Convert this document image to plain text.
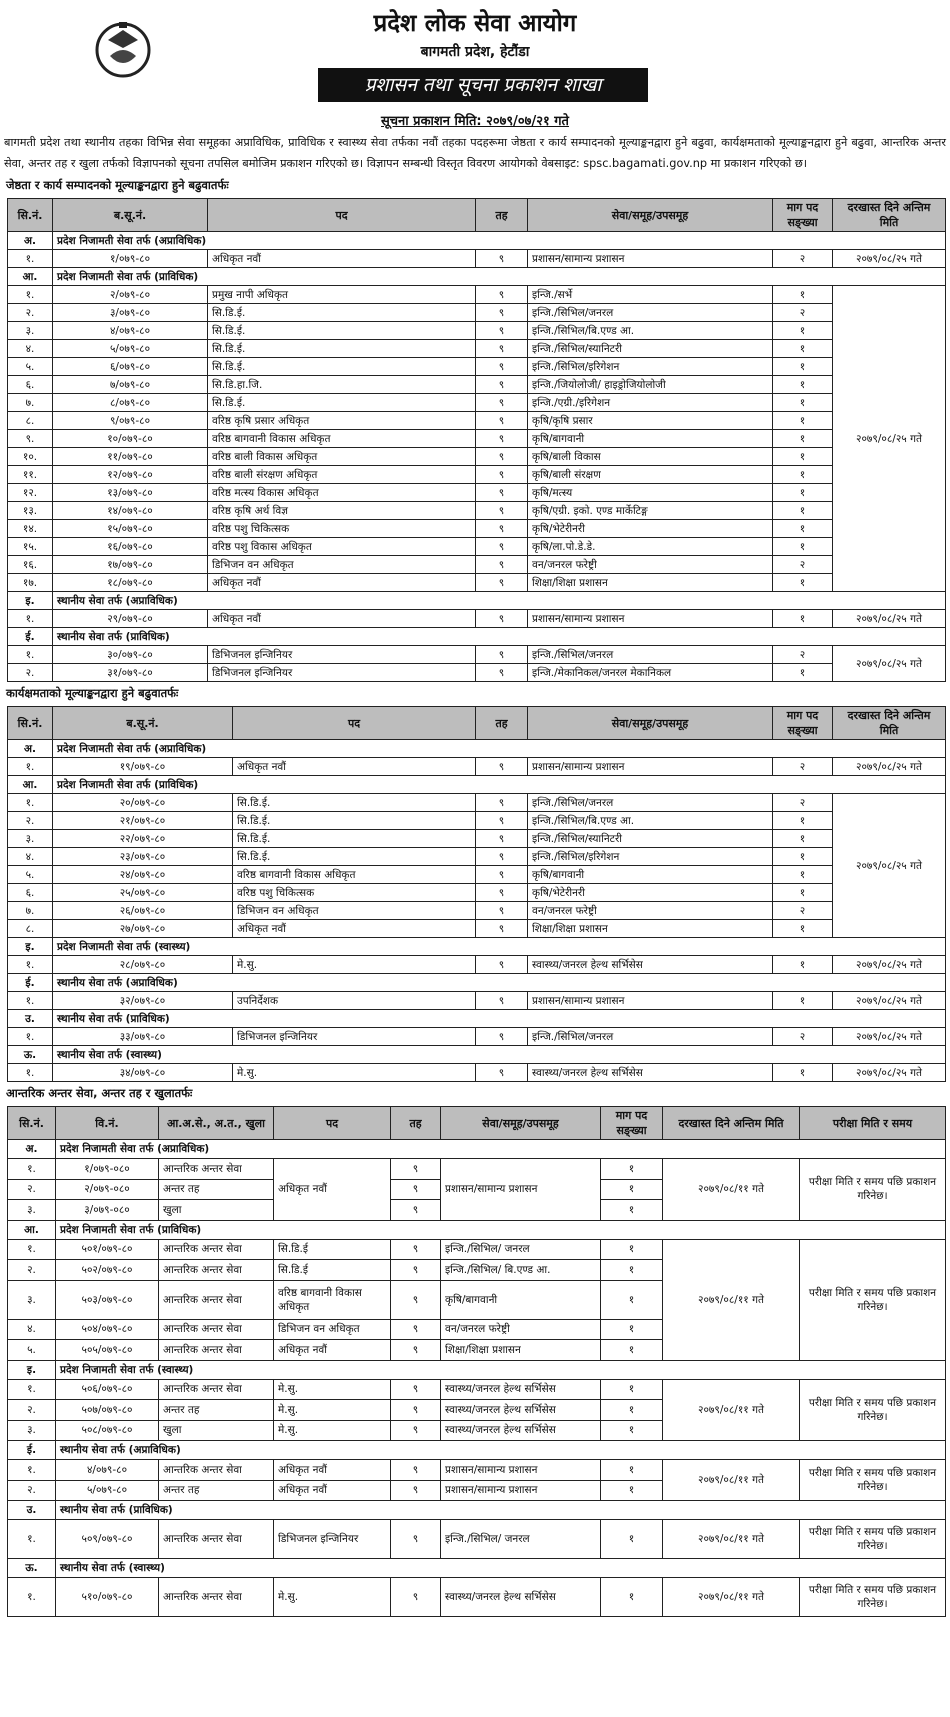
प्रदेश लोक सेवा आयोग
बागमती प्रदेश, हेटौंडा
प्रशासन तथा सूचना प्रकाशन शाखा
सूचना प्रकाशन मिति: २०७९/०७/२१ गते
बागमती प्रदेश तथा स्थानीय तहका विभिन्न सेवा समूहका अप्राविधिक, प्राविधिक र स्वास्थ्य सेवा तर्फका नवौं तहका पदहरूमा जेष्ठता र कार्य सम्पादनको मूल्याङ्कनद्वारा हुने बढुवा, कार्यक्षमताको मूल्याङ्कनद्वारा हुने बढुवा, आन्तरिक अन्तर सेवा, अन्तर तह र खुला तर्फको विज्ञापनको सूचना तपसिल बमोजिम प्रकाशन गरिएको छ। विज्ञापन सम्बन्धी विस्तृत विवरण आयोगको वेबसाइट: spsc.bagamati.gov.np मा प्रकाशन गरिएको छ।
जेष्ठता र कार्य सम्पादनको मूल्याङ्कनद्वारा हुने बढुवातर्फः
सि.नं.	ब.सू.नं.	पद	तह	सेवा/समूह/उपसमूह	माग पद सङ्ख्या	दरखास्त दिने अन्तिम मिति
अ.	प्रदेश निजामती सेवा तर्फ (अप्राविधिक)					
१.	१/०७९-८०	अधिकृत नवौं	९	प्रशासन/सामान्य प्रशासन	२	२०७९/०८/२५ गते
आ.	प्रदेश निजामती सेवा तर्फ (प्राविधिक)					
१.	२/०७९-८०	प्रमुख नापी अधिकृत	९	इन्जि./सर्भे	१	२०७९/०८/२५ गते
२.	३/०७९-८०	सि.डि.ई.	९	इन्जि./सिभिल/जनरल	२	
३.	४/०७९-८०	सि.डि.ई.	९	इन्जि./सिभिल/बि.एण्ड आ.	१	
४.	५/०७९-८०	सि.डि.ई.	९	इन्जि./सिभिल/स्यानिटरी	१	
५.	६/०७९-८०	सि.डि.ई.	९	इन्जि./सिभिल/इरिगेशन	१	
६.	७/०७९-८०	सि.डि.हा.जि.	९	इन्जि./जियोलोजी/ हाइड्रोजियोलोजी	१	
७.	८/०७९-८०	सि.डि.ई.	९	इन्जि./एग्री./इरिगेशन	१	
८.	९/०७९-८०	वरिष्ठ कृषि प्रसार अधिकृत	९	कृषि/कृषि प्रसार	१	
९.	१०/०७९-८०	वरिष्ठ बागवानी विकास अधिकृत	९	कृषि/बागवानी	१	
१०.	११/०७९-८०	वरिष्ठ बाली विकास अधिकृत	९	कृषि/बाली विकास	१	
११.	१२/०७९-८०	वरिष्ठ बाली संरक्षण अधिकृत	९	कृषि/बाली संरक्षण	१	
१२.	१३/०७९-८०	वरिष्ठ मत्स्य विकास अधिकृत	९	कृषि/मत्स्य	१	
१३.	१४/०७९-८०	वरिष्ठ कृषि अर्थ विज्ञ	९	कृषि/एग्री. इको. एण्ड मार्केटिङ्ग	१	
१४.	१५/०७९-८०	वरिष्ठ पशु चिकित्सक	९	कृषि/भेटेरीनरी	१	
१५.	१६/०७९-८०	वरिष्ठ पशु विकास अधिकृत	९	कृषि/ला.पो.डे.डे.	१	
१६.	१७/०७९-८०	डिभिजन वन अधिकृत	९	वन/जनरल फरेष्ट्री	२	
१७.	१८/०७९-८०	अधिकृत नवौं	९	शिक्षा/शिक्षा प्रशासन	१	
इ.	स्थानीय सेवा तर्फ (अप्राविधिक)					
१.	२९/०७९-८०	अधिकृत नवौं	९	प्रशासन/सामान्य प्रशासन	१	२०७९/०८/२५ गते
ई.	स्थानीय सेवा तर्फ (प्राविधिक)					
१.	३०/०७९-८०	डिभिजनल इन्जिनियर	९	इन्जि./सिभिल/जनरल	२	२०७९/०८/२५ गते
२.	३१/०७९-८०	डिभिजनल इन्जिनियर	९	इन्जि./मेकानिकल/जनरल मेकानिकल	१	
कार्यक्षमताको मूल्याङ्कनद्वारा हुने बढुवातर्फः
सि.नं.	ब.सू.नं.	पद	तह	सेवा/समूह/उपसमूह	माग पद सङ्ख्या	दरखास्त दिने अन्तिम मिति
अ.	प्रदेश निजामती सेवा तर्फ (अप्राविधिक)					
१.	१९/०७९-८०	अधिकृत नवौं	९	प्रशासन/सामान्य प्रशासन	२	२०७९/०८/२५ गते
आ.	प्रदेश निजामती सेवा तर्फ (प्राविधिक)					
१.	२०/०७९-८०	सि.डि.ई.	९	इन्जि./सिभिल/जनरल	२	२०७९/०८/२५ गते
२.	२१/०७९-८०	सि.डि.ई.	९	इन्जि./सिभिल/बि.एण्ड आ.	१	
३.	२२/०७९-८०	सि.डि.ई.	९	इन्जि./सिभिल/स्यानिटरी	१	
४.	२३/०७९-८०	सि.डि.ई.	९	इन्जि./सिभिल/इरिगेशन	१	
५.	२४/०७९-८०	वरिष्ठ बागवानी विकास अधिकृत	९	कृषि/बागवानी	१	
६.	२५/०७९-८०	वरिष्ठ पशु चिकित्सक	९	कृषि/भेटेरीनरी	१	
७.	२६/०७९-८०	डिभिजन वन अधिकृत	९	वन/जनरल फरेष्ट्री	२	
८.	२७/०७९-८०	अधिकृत नवौं	९	शिक्षा/शिक्षा प्रशासन	१	
इ.	प्रदेश निजामती सेवा तर्फ (स्वास्थ्य)					
१.	२८/०७९-८०	मे.सु.	९	स्वास्थ्य/जनरल हेल्थ सर्भिसेस	१	२०७९/०८/२५ गते
ई.	स्थानीय सेवा तर्फ (अप्राविधिक)					
१.	३२/०७९-८०	उपनिर्देशक	९	प्रशासन/सामान्य प्रशासन	१	२०७९/०८/२५ गते
उ.	स्थानीय सेवा तर्फ (प्राविधिक)					
१.	३३/०७९-८०	डिभिजनल इन्जिनियर	९	इन्जि./सिभिल/जनरल	२	२०७९/०८/२५ गते
ऊ.	स्थानीय सेवा तर्फ (स्वास्थ्य)					
१.	३४/०७९-८०	मे.सु.	९	स्वास्थ्य/जनरल हेल्थ सर्भिसेस	१	२०७९/०८/२५ गते
आन्तरिक अन्तर सेवा, अन्तर तह र खुलातर्फः
सि.नं.	वि.नं.	आ.अ.से., अ.त., खुला	पद	तह	सेवा/समूह/उपसमूह	माग पद सङ्ख्या	दरखास्त दिने अन्तिम मिति	परीक्षा मिति र समय
अ.	प्रदेश निजामती सेवा तर्फ (अप्राविधिक)							
१.	१/०७९-०८०	आन्तरिक अन्तर सेवा	अधिकृत नवौं	९	प्रशासन/सामान्य प्रशासन	१	२०७९/०८/११ गते	परीक्षा मिति र समय पछि प्रकाशन गरिनेछ।
२.	२/०७९-०८०	अन्तर तह		९		१		
३.	३/०७९-०८०	खुला		९		१		
आ.	प्रदेश निजामती सेवा तर्फ (प्राविधिक)							
१.	५०१/०७९-८०	आन्तरिक अन्तर सेवा	सि.डि.ई	९	इन्जि./सिभिल/ जनरल	१	२०७९/०८/११ गते	परीक्षा मिति र समय पछि प्रकाशन गरिनेछ।
२.	५०२/०७९-८०	आन्तरिक अन्तर सेवा	सि.डि.ई	९	इन्जि./सिभिल/ बि.एण्ड आ.	१		
३.	५०३/०७९-८०	आन्तरिक अन्तर सेवा	वरिष्ठ बागवानी विकास अधिकृत	९	कृषि/बागवानी	१		
४.	५०४/०७९-८०	आन्तरिक अन्तर सेवा	डिभिजन वन अधिकृत	९	वन/जनरल फरेष्ट्री	१		
५.	५०५/०७९-८०	आन्तरिक अन्तर सेवा	अधिकृत नवौं	९	शिक्षा/शिक्षा प्रशासन	१		
इ.	प्रदेश निजामती सेवा तर्फ (स्वास्थ्य)							
१.	५०६/०७९-८०	आन्तरिक अन्तर सेवा	मे.सु.	९	स्वास्थ्य/जनरल हेल्थ सर्भिसेस	१	२०७९/०८/११ गते	परीक्षा मिति र समय पछि प्रकाशन गरिनेछ।
२.	५०७/०७९-८०	अन्तर तह	मे.सु.	९	स्वास्थ्य/जनरल हेल्थ सर्भिसेस	१		
३.	५०८/०७९-८०	खुला	मे.सु.	९	स्वास्थ्य/जनरल हेल्थ सर्भिसेस	१		
ई.	स्थानीय सेवा तर्फ (अप्राविधिक)							
१.	४/०७९-८०	आन्तरिक अन्तर सेवा	अधिकृत नवौं	९	प्रशासन/सामान्य प्रशासन	१	२०७९/०८/११ गते	परीक्षा मिति र समय पछि प्रकाशन गरिनेछ।
२.	५/०७९-८०	अन्तर तह	अधिकृत नवौं	९	प्रशासन/सामान्य प्रशासन	१		
उ.	स्थानीय सेवा तर्फ (प्राविधिक)							
१.	५०९/०७९-८०	आन्तरिक अन्तर सेवा	डिभिजनल इन्जिनियर	९	इन्जि./सिभिल/ जनरल	१	२०७९/०८/११ गते	परीक्षा मिति र समय पछि प्रकाशन गरिनेछ।
ऊ.	स्थानीय सेवा तर्फ (स्वास्थ्य)							
१.	५१०/०७९-८०	आन्तरिक अन्तर सेवा	मे.सु.	९	स्वास्थ्य/जनरल हेल्थ सर्भिसेस	१	२०७९/०८/११ गते	परीक्षा मिति र समय पछि प्रकाशन गरिनेछ।
